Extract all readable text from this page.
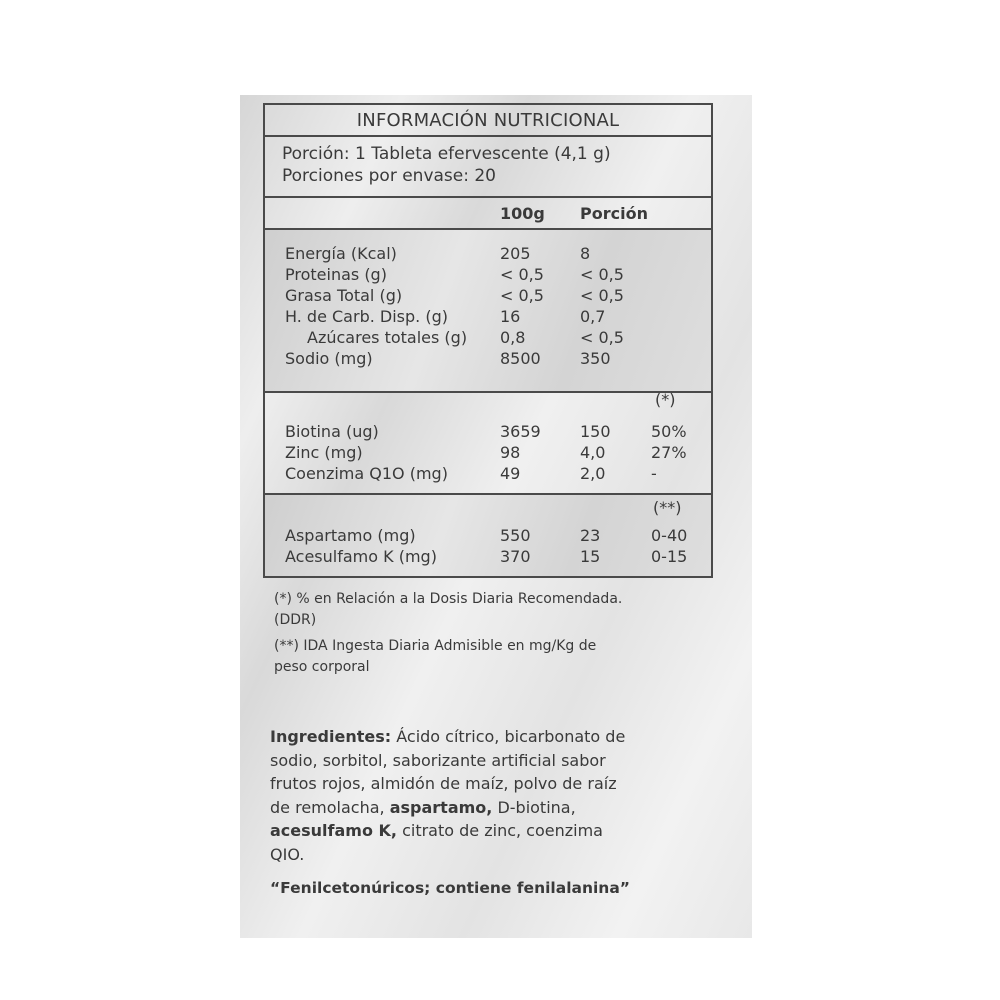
INFORMACIÓN NUTRICIONAL
Porción: 1 Tableta efervescente (4,1 g)
Porciones por envase: 20
100g Porción
Energía (Kcal)	205	8
Proteinas (g)	< 0,5 < 0,5
Grasa Total (g)	< 0,5 < 0,5
H. de Carb. Disp. (g)	16	0,7
Azúcares totales (g) 0,8	< 0,5
Sodio (mg)	8500 350
(*)
Biotina (ug)	3659 150	50%
Zinc (mg)	98	4,0	27%
Coenzima Q1O (mg)	49	2,0	-
(**)
Aspartamo (mg)	550	23	0-40
Acesulfamo K (mg)	370	15	0-15
(*) % en Relación a la Dosis Diaria Recomendada.
(DDR)
(**) IDA Ingesta Diaria Admisible en mg/Kg de
peso corporal
Ingredientes: Ácido cítrico, bicarbonato de
sodio, sorbitol, saborizante artificial sabor
frutos rojos, almidón de maíz, polvo de raíz
de remolacha, aspartamo, D-biotina,
acesulfamo K, citrato de zinc, coenzima
QIO.
“Fenilcetonúricos; contiene fenilalanina”
